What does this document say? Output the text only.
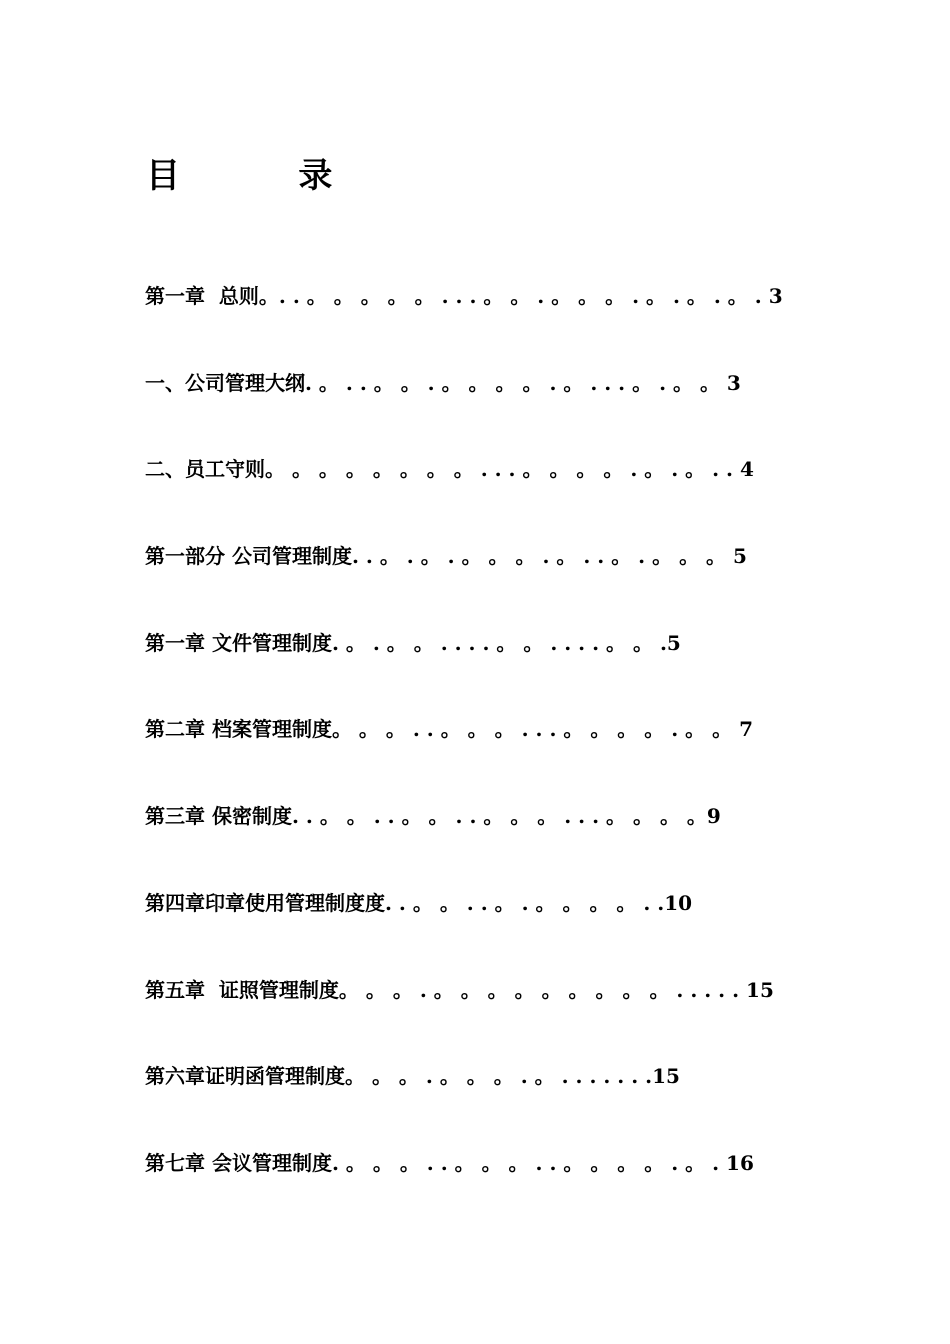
目          录
第一章  总则。. . 。 。 。 。 。 . . . 。 。 . 。 。 。 . 。 . 。 . 。 . 3
一、公司管理大纲. 。 . . 。 。 . 。 。 。 。 . 。 . . . 。 . 。 。 3
二、员工守则。 。 。 。 。 。 。 。 . . . 。 。 。 。 . 。 . 。 . . 4
第一部分 公司管理制度. . 。 . 。 . 。 。 。 . 。 . . 。 . 。 。 。 5
第一章 文件管理制度. 。 . 。 。 . . . . 。 。 . . . . 。 。 .5
第二章 档案管理制度。 。 。 . . 。 。 。 . . . 。 。 。 。 . 。 。 7
第三章 保密制度. . 。 。 . . 。 。 . . 。 。 。 . . . 。 。 。 。9
第四章印章使用管理制度度. . 。 。 . . 。 . 。 。 。 。 . .10
第五章  证照管理制度。 。 。 . 。 。 。 。 。 。 。 。 。 . . . . . 15
第六章证明函管理制度。 。 。 . 。 。 。 . 。 . . . . . . .15
第七章 会议管理制度. 。 。 。 . . 。 。 。 . . 。 。 。 。 . 。 . 16
